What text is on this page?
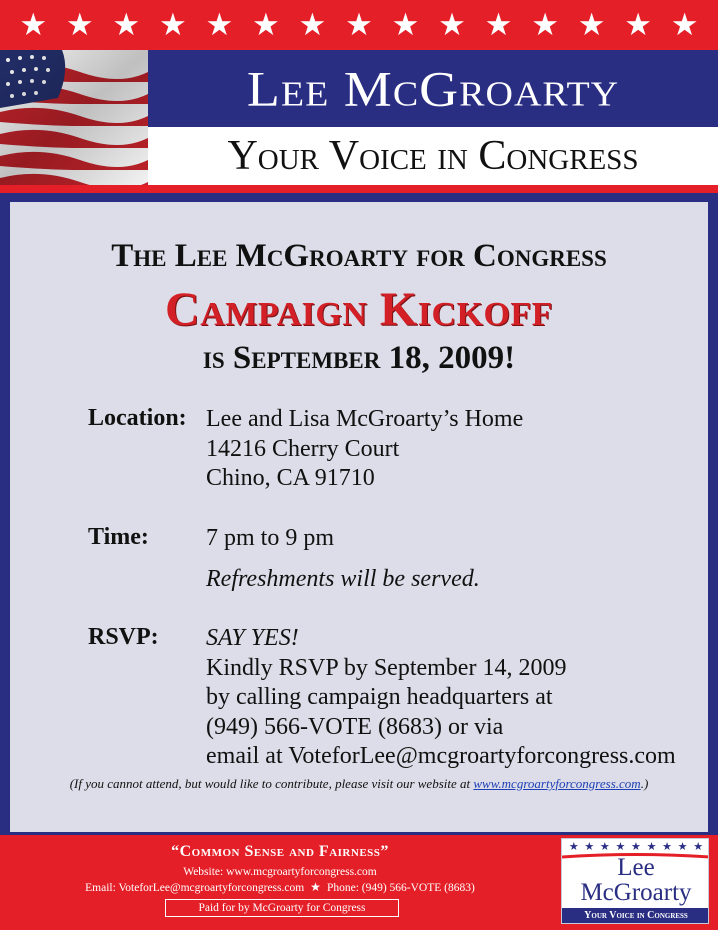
★ ★ ★ ★ ★ ★ ★ ★ ★ ★ ★ ★ ★ ★ ★
Lee McGroarty
Your Voice in Congress
The Lee McGroarty for Congress
Campaign Kickoff
is September 18, 2009!
Location: Lee and Lisa McGroarty’s Home
14216 Cherry Court
Chino, CA 91710
Time: 7 pm to 9 pm
Refreshments will be served.
RSVP: SAY YES!
Kindly RSVP by September 14, 2009
by calling campaign headquarters at
(949) 566-VOTE (8683) or via
email at VoteforLee@mcgroartyforcongress.com
(If you cannot attend, but would like to contribute, please visit our website at www.mcgroartyforcongress.com.)
“Common Sense and Fairness”
Website: www.mcgroartyforcongress.com
Email: VoteforLee@mcgroartyforcongress.com ★ Phone: (949) 566-VOTE (8683)
Paid for by McGroarty for Congress
★ ★ ★ ★ ★ ★ ★ ★ ★
Lee
McGroarty
Your Voice in Congress
